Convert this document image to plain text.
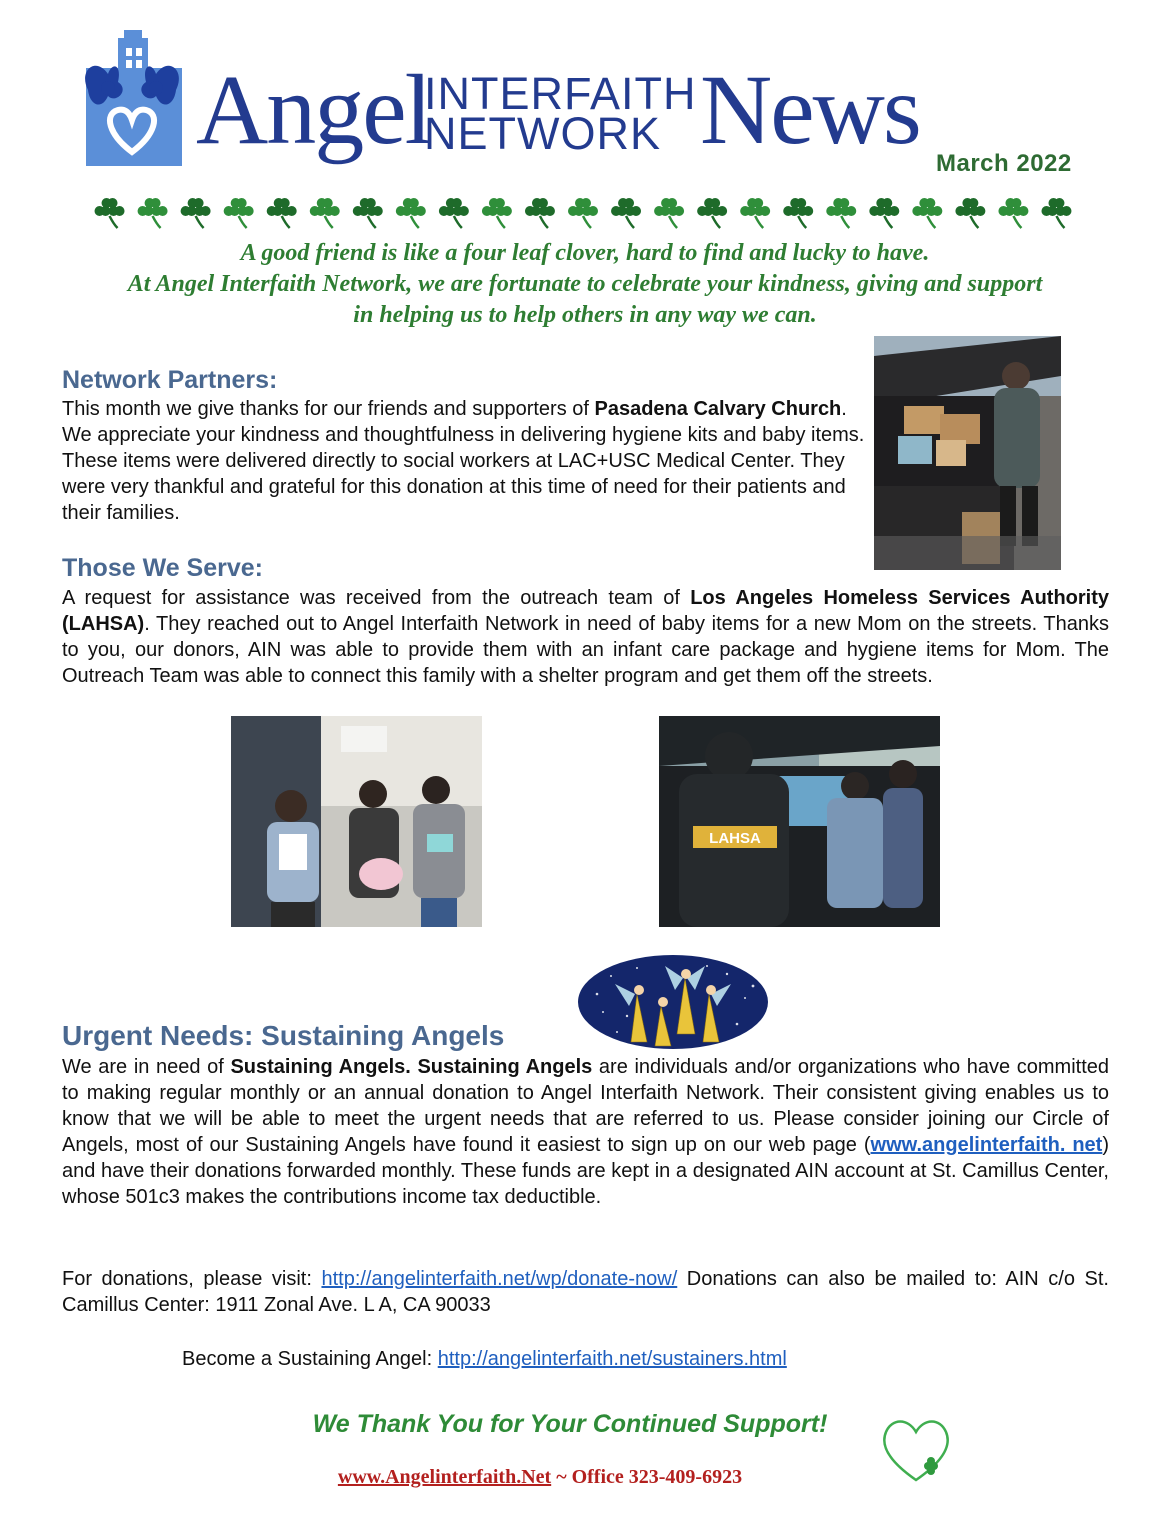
Angel
INTERFAITH
NETWORK News March 2022
A good friend is like a four leaf clover, hard to find and lucky to have.
At Angel Interfaith Network, we are fortunate to celebrate your kindness, giving and support
in helping us to help others in any way we can.
Network Partners:
This month we give thanks for our friends and supporters of Pasadena Calvary Church. We appreciate your kindness and thoughtfulness in delivering hygiene kits and baby items. These items were delivered directly to social workers at LAC+USC Medical Center. They were very thankful and grateful for this donation at this time of need for their patients and their families.
Those We Serve:
A request for assistance was received from the outreach team of Los Angeles Homeless Services Authority (LAHSA). They reached out to Angel Interfaith Network in need of baby items for a new Mom on the streets. Thanks to you, our donors, AIN was able to provide them with an infant care package and hygiene items for Mom. The Outreach Team was able to connect this family with a shelter program and get them off the streets.
LAHSA
Urgent Needs: Sustaining Angels
We are in need of Sustaining Angels. Sustaining Angels are individuals and/or organizations who have committed to making regular monthly or an annual donation to Angel Interfaith Network. Their consistent giving enables us to know that we will be able to meet the urgent needs that are referred to us. Please consider joining our Circle of Angels, most of our Sustaining Angels have found it easiest to sign up on our web page (www.angelinterfaith. net) and have their donations forwarded monthly. These funds are kept in a designated AIN account at St. Camillus Center, whose 501c3 makes the contributions income tax deductible.
For donations, please visit: http://angelinterfaith.net/wp/donate-now/ Donations can also be mailed to: AIN c/o St. Camillus Center: 1911 Zonal Ave. L A, CA 90033
Become a Sustaining Angel: http://angelinterfaith.net/sustainers.html
We Thank You for Your Continued Support!
www.Angelinterfaith.Net ~ Office 323-409-6923
